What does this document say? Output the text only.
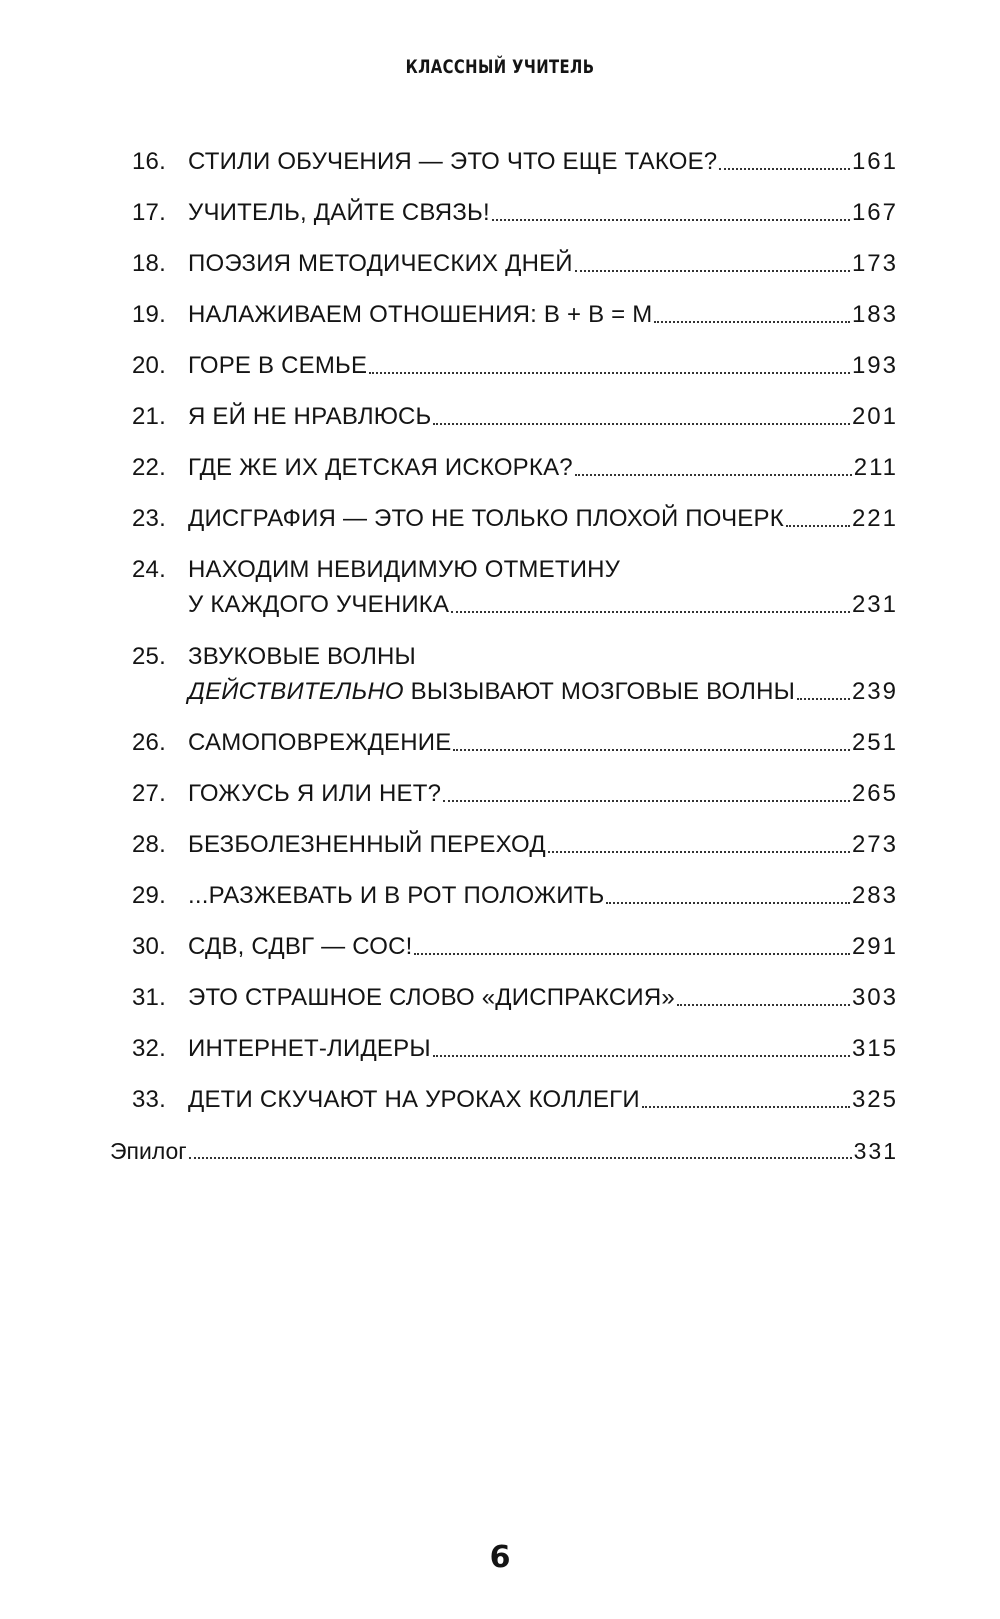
КЛАССНЫЙ УЧИТЕЛЬ
16. СТИЛИ ОБУЧЕНИЯ — ЭТО ЧТО ЕЩЕ ТАКОЕ?	161
17. УЧИТЕЛЬ, ДАЙТЕ СВЯЗЬ!	167
18. ПОЭЗИЯ МЕТОДИЧЕСКИХ ДНЕЙ	173
19. НАЛАЖИВАЕМ ОТНОШЕНИЯ: В + В = М	183
20. ГОРЕ В СЕМЬЕ	193
21. Я ЕЙ НЕ НРАВЛЮСЬ	201
22. ГДЕ ЖЕ ИХ ДЕТСКАЯ ИСКОРКА?	211
23. ДИСГРАФИЯ — ЭТО НЕ ТОЛЬКО ПЛОХОЙ ПОЧЕРК	221
24. НАХОДИМ НЕВИДИМУЮ ОТМЕТИНУ
У КАЖДОГО УЧЕНИКА	231
25. ЗВУКОВЫЕ ВОЛНЫ
ДЕЙСТВИТЕЛЬНО ВЫЗЫВАЮТ МОЗГОВЫЕ ВОЛНЫ 239
26. САМОПОВРЕЖДЕНИЕ	251
27. ГОЖУСЬ Я ИЛИ НЕТ?	265
28. БЕЗБОЛЕЗНЕННЫЙ ПЕРЕХОД	273
29. ...РАЗЖЕВАТЬ И В РОТ ПОЛОЖИТЬ	283
30. СДВ, СДВГ — СОС!	291
31. ЭТО СТРАШНОЕ СЛОВО «ДИСПРАКСИЯ»	303
32. ИНТЕРНЕТ-ЛИДЕРЫ	315
33. ДЕТИ СКУЧАЮТ НА УРОКАХ КОЛЛЕГИ	325
Эпилог	331
6
